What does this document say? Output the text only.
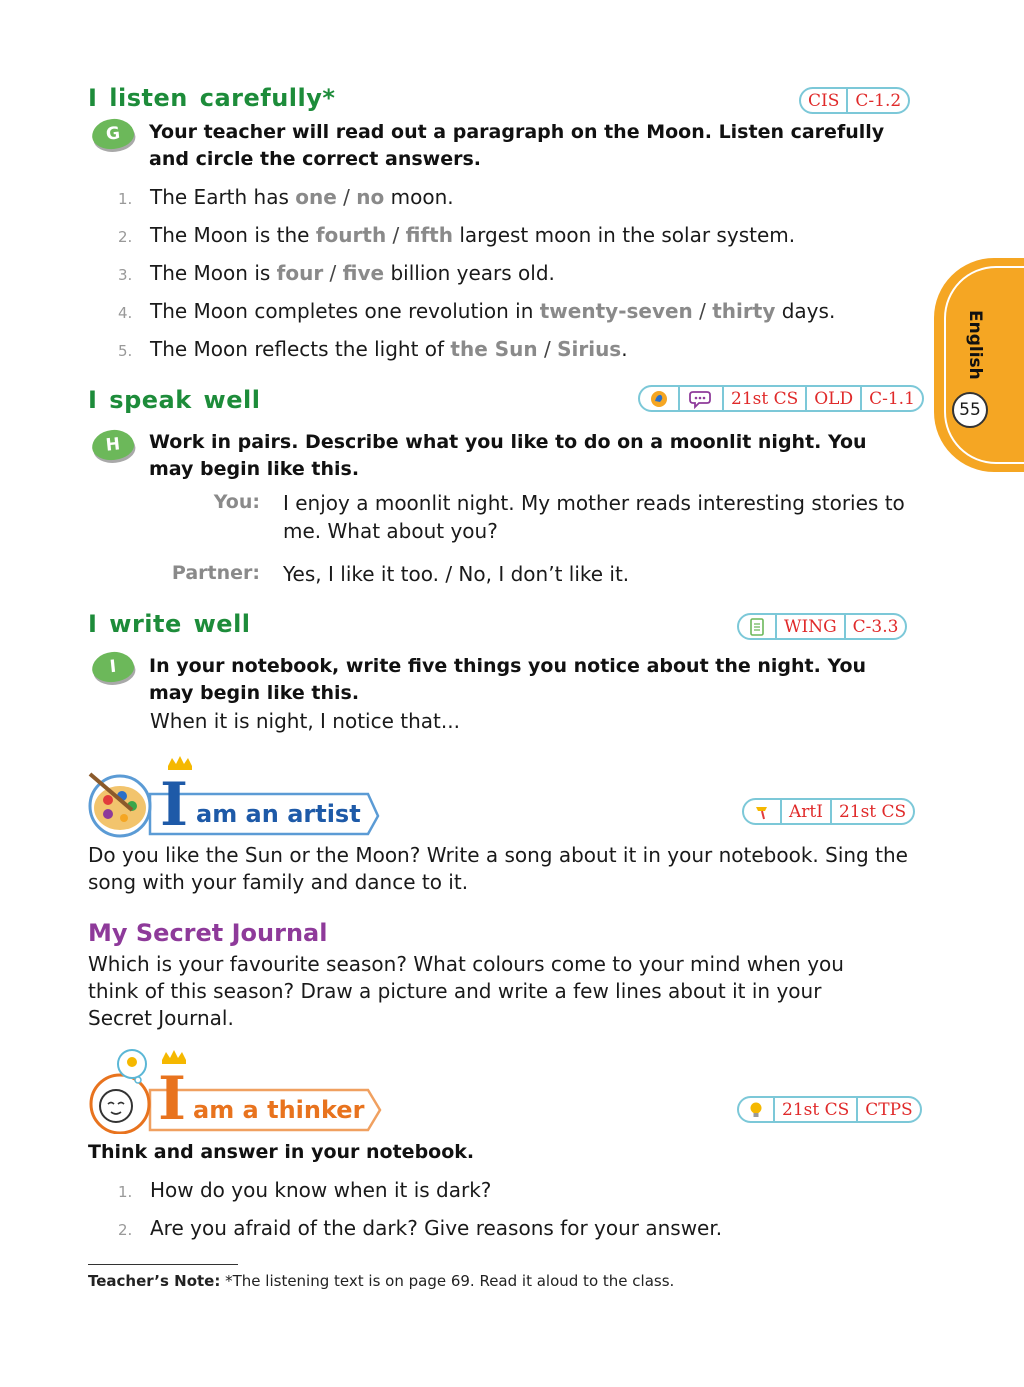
English
55
I listen carefully*	CIS C-1.2
G	Your teacher will read out a paragraph on the Moon. Listen carefully and circle the correct answers.
1. The Earth has one / no moon.
2. The Moon is the fourth / fifth largest moon in the solar system.
3. The Moon is four / five billion years old.
4. The Moon completes one revolution in twenty-seven / thirty days.
5. The Moon reflects the light of the Sun / Sirius.
I speak well	21st CS OLD C-1.1
H	Work in pairs. Describe what you like to do on a moonlit night. You may begin like this.
You: I enjoy a moonlit night. My mother reads interesting stories to me. What about you?
Partner: Yes, I like it too. / No, I don’t like it.
I write well	WING C-3.3
I	In your notebook, write five things you notice about the night. You may begin like this.
When it is night, I notice that...
I am an artist	ArtI 21st CS
Do you like the Sun or the Moon? Write a song about it in your notebook. Sing the song with your family and dance to it.
My Secret Journal
Which is your favourite season? What colours come to your mind when you think of this season? Draw a picture and write a few lines about it in your Secret Journal.
I am a thinker	21st CS CTPS
Think and answer in your notebook.
1. How do you know when it is dark?
2. Are you afraid of the dark? Give reasons for your answer.
Teacher’s Note: *The listening text is on page 69. Read it aloud to the class.
